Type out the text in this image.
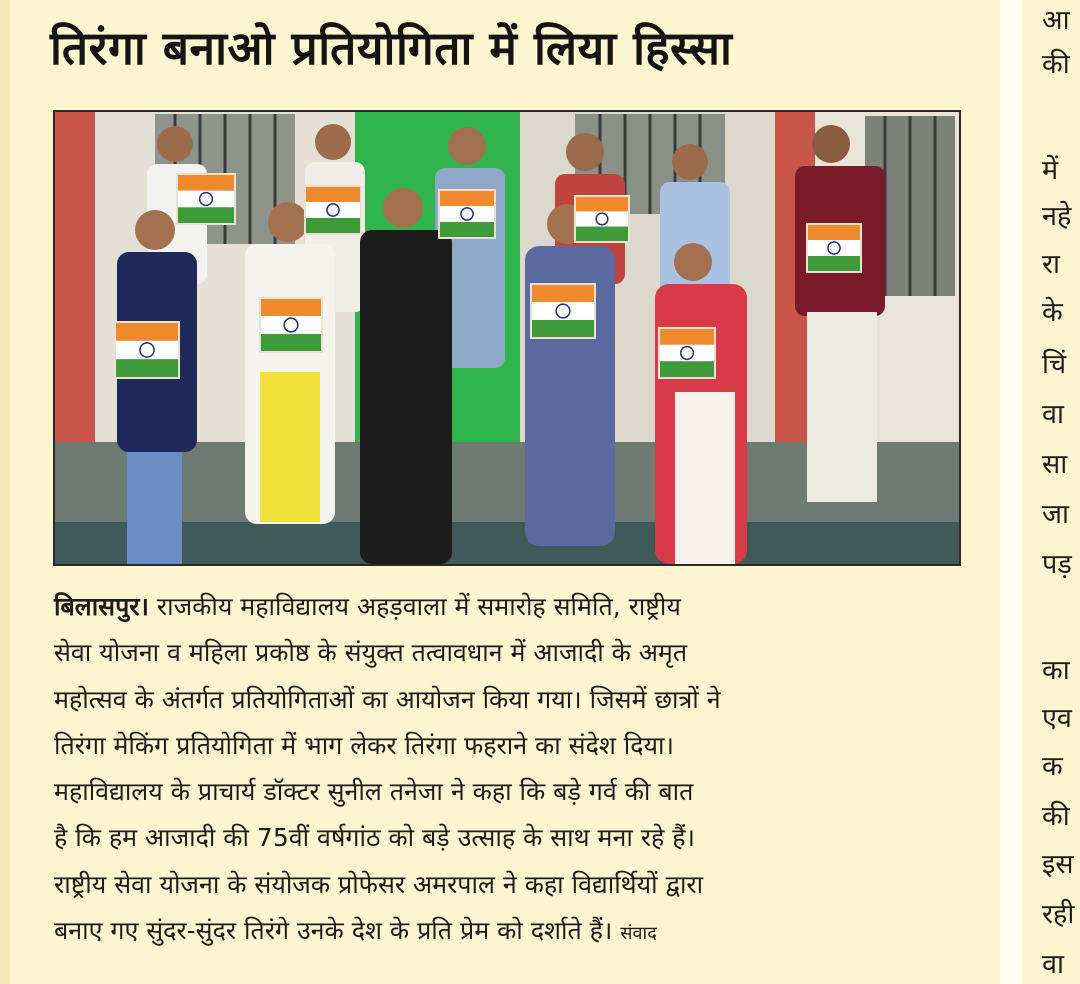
तिरंगा बनाओ प्रतियोगिता में लिया हिस्सा
बिलासपुर। राजकीय महाविद्यालय अहड़वाला में समारोह समिति, राष्ट्रीय
सेवा योजना व महिला प्रकोष्ठ के संयुक्त तत्वावधान में आजादी के अमृत
महोत्सव के अंतर्गत प्रतियोगिताओं का आयोजन किया गया। जिसमें छात्रों ने
तिरंगा मेकिंग प्रतियोगिता में भाग लेकर तिरंगा फहराने का संदेश दिया।
महाविद्यालय के प्राचार्य डॉक्टर सुनील तनेजा ने कहा कि बड़े गर्व की बात
है कि हम आजादी की 75वीं वर्षगांठ को बड़े उत्साह के साथ मना रहे हैं।
राष्ट्रीय सेवा योजना के संयोजक प्रोफेसर अमरपाल ने कहा विद्यार्थियों द्वारा
बनाए गए सुंदर-सुंदर तिरंगे उनके देश के प्रति प्रेम को दर्शाते हैं। संवाद
आ
की
में
नहे
रा
के
चिं
वा
सा
जा
पड़
का
एव
क
की
इस
रही
वा
